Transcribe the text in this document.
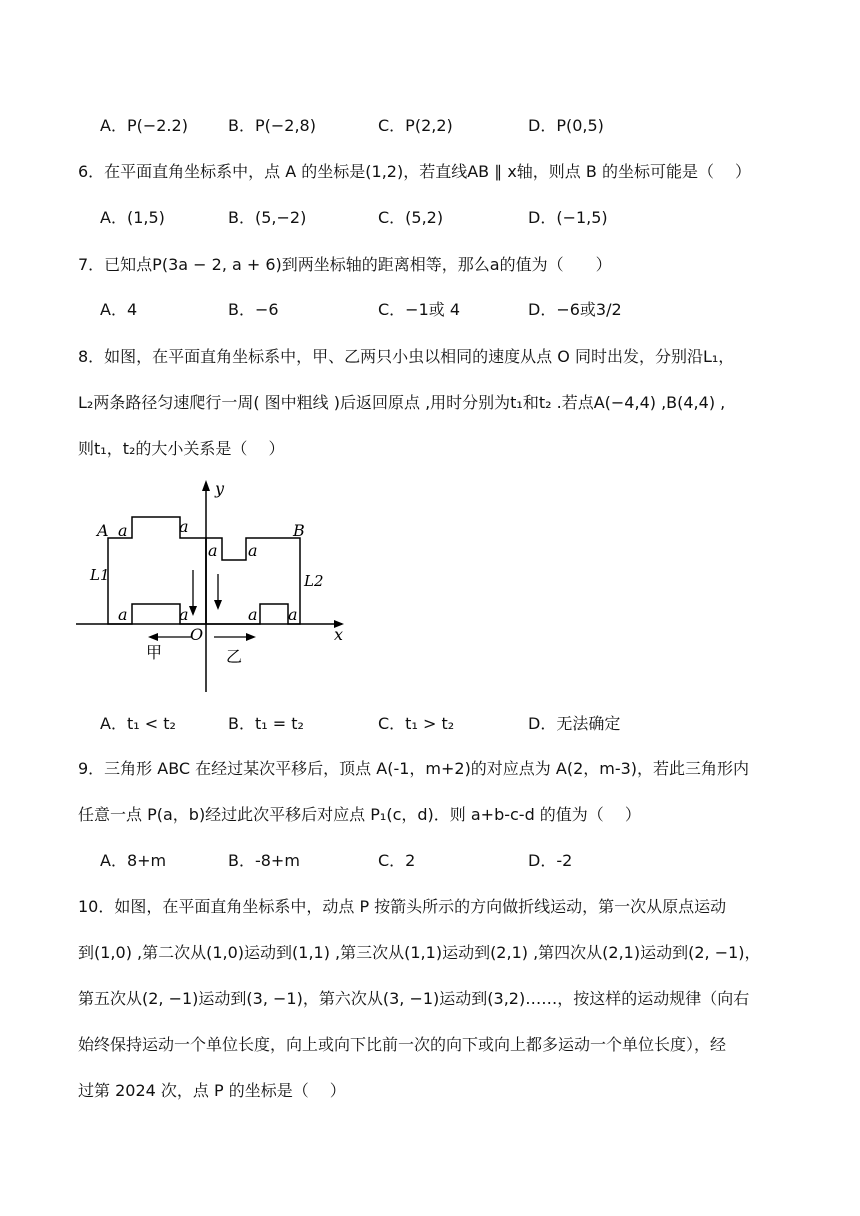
A．P(−2.2)	B．P(−2,8)	C．P(2,2)	D．P(0,5)
6．在平面直角坐标系中，点 A 的坐标是(1,2)，若直线AB ∥ x轴，则点 B 的坐标可能是（　 ）
A．(1,5)	B．(5,−2)	C．(5,2)	D．(−1,5)
7．已知点P(3a − 2, a + 6)到两坐标轴的距离相等，那么a的值为（　　）
A．4	B．−6	C．−1或 4	D．−6或3/2
8．如图，在平面直角坐标系中，甲、乙两只小虫以相同的速度从点 O 同时出发，分别沿L₁，
L₂两条路径匀速爬行一周( 图中粗线 )后返回原点 ,用时分别为t₁和t₂ .若点A(−4,4) ,B(4,4) ,
则t₁，t₂的大小关系是（　 ）
y
x
O
A	B
L1	L2
a	a
a a
a	a	a a
甲	乙
A．t₁ < t₂	B．t₁ = t₂	C．t₁ > t₂	D．无法确定
9．三角形 ABC 在经过某次平移后，顶点 A(-1，m+2)的对应点为 A(2，m-3)，若此三角形内
任意一点 P(a，b)经过此次平移后对应点 P₁(c，d)．则 a+b-c-d 的值为（　 ）
A．8+m	B．-8+m	C．2	D．-2
10．如图，在平面直角坐标系中，动点 P 按箭头所示的方向做折线运动，第一次从原点运动
到(1,0) ,第二次从(1,0)运动到(1,1) ,第三次从(1,1)运动到(2,1) ,第四次从(2,1)运动到(2, −1)，
第五次从(2, −1)运动到(3, −1)，第六次从(3, −1)运动到(3,2)……，按这样的运动规律（向右
始终保持运动一个单位长度，向上或向下比前一次的向下或向上都多运动一个单位长度），经
过第 2024 次，点 P 的坐标是（　 ）
